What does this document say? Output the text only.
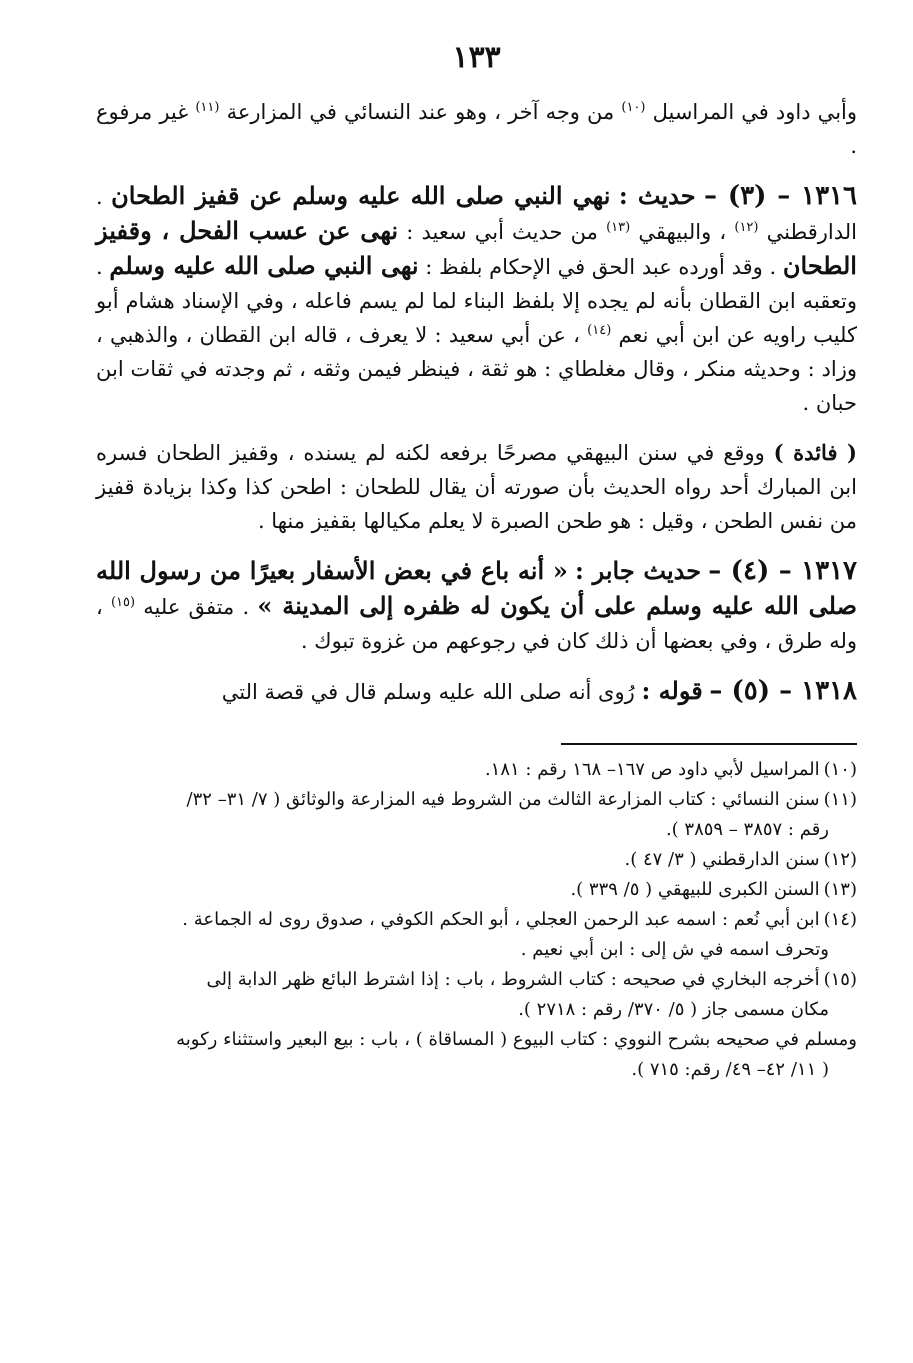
١٣٣

وأبي داود في المراسيل $^{(١٠)}$ من وجه آخر ، وهو عند النسائي في المزارعة $^{(١١)}$ غير مرفوع .

١٣١٦ – (٣) – حديث : نهي النبي صلى الله عليه وسلم عن قفيز الطحان . الدارقطني $^{(١٢)}$ ، والبيهقي $^{(١٣)}$ من حديث أبي سعيد : نهى عن عسب الفحل ، وقفيز الطحان . وقد أورده عبد الحق في الإحكام بلفظ : نهى النبي صلى الله عليه وسلم . وتعقبه ابن القطان بأنه لم يجده إلا بلفظ البناء لما لم يسم فاعله ، وفي الإسناد هشام أبو كليب راويه عن ابن أبي نعم $^{(١٤)}$ ، عن أبي سعيد : لا يعرف ، قاله ابن القطان ، والذهبي ، وزاد : وحديثه منكر ، وقال مغلطاي : هو ثقة ، فينظر فيمن وثقه ، ثم وجدته في ثقات ابن حبان .

( فائدة ) ووقع في سنن البيهقي مصرحًا برفعه لكنه لم يسنده ، وقفيز الطحان فسره ابن المبارك أحد رواه الحديث بأن صورته أن يقال للطحان : اطحن كذا وكذا بزيادة قفيز من نفس الطحن ، وقيل : هو طحن الصبرة لا يعلم مكيالها بقفيز منها .

١٣١٧ – (٤) – حديث جابر : « أنه باع في بعض الأسفار بعيرًا من رسول الله صلى الله عليه وسلم على أن يكون له ظفره إلى المدينة » . متفق عليه $^{(١٥)}$ ، وله طرق ، وفي بعضها أن ذلك كان في رجوعهم من غزوة تبوك .

١٣١٨ – (٥) – قوله : رُوى أنه صلى الله عليه وسلم قال في قصة التي

(١٠)المراسيل لأبي داود ص ١٦٧– ١٦٨ رقم : ١٨١.
(١١)سنن النسائي : كتاب المزارعة الثالث من الشروط فيه المزارعة والوثائق ( ٧/ ٣١– ٣٢/
رقم : ٣٨٥٧ – ٣٨٥٩ ).
(١٢)سنن الدارقطني ( ٣/ ٤٧ ).
(١٣)السنن الكبرى للبيهقي ( ٥/ ٣٣٩ ).
(١٤)ابن أبي نُعم : اسمه عبد الرحمن العجلي ، أبو الحكم الكوفي ، صدوق روى له الجماعة .
وتحرف اسمه في ش إلى : ابن أبي نعيم .
(١٥)أخرجه البخاري في صحيحه : كتاب الشروط ، باب : إذا اشترط البائع ظهر الدابة إلى
مكان مسمى جاز ( ٥/ ٣٧٠/ رقم : ٢٧١٨ ).
ومسلم في صحيحه بشرح النووي : كتاب البيوع ( المساقاة ) ، باب : بيع البعير واستثناء ركوبه
( ١١/ ٤٢– ٤٩/ رقم: ٧١٥ ).
